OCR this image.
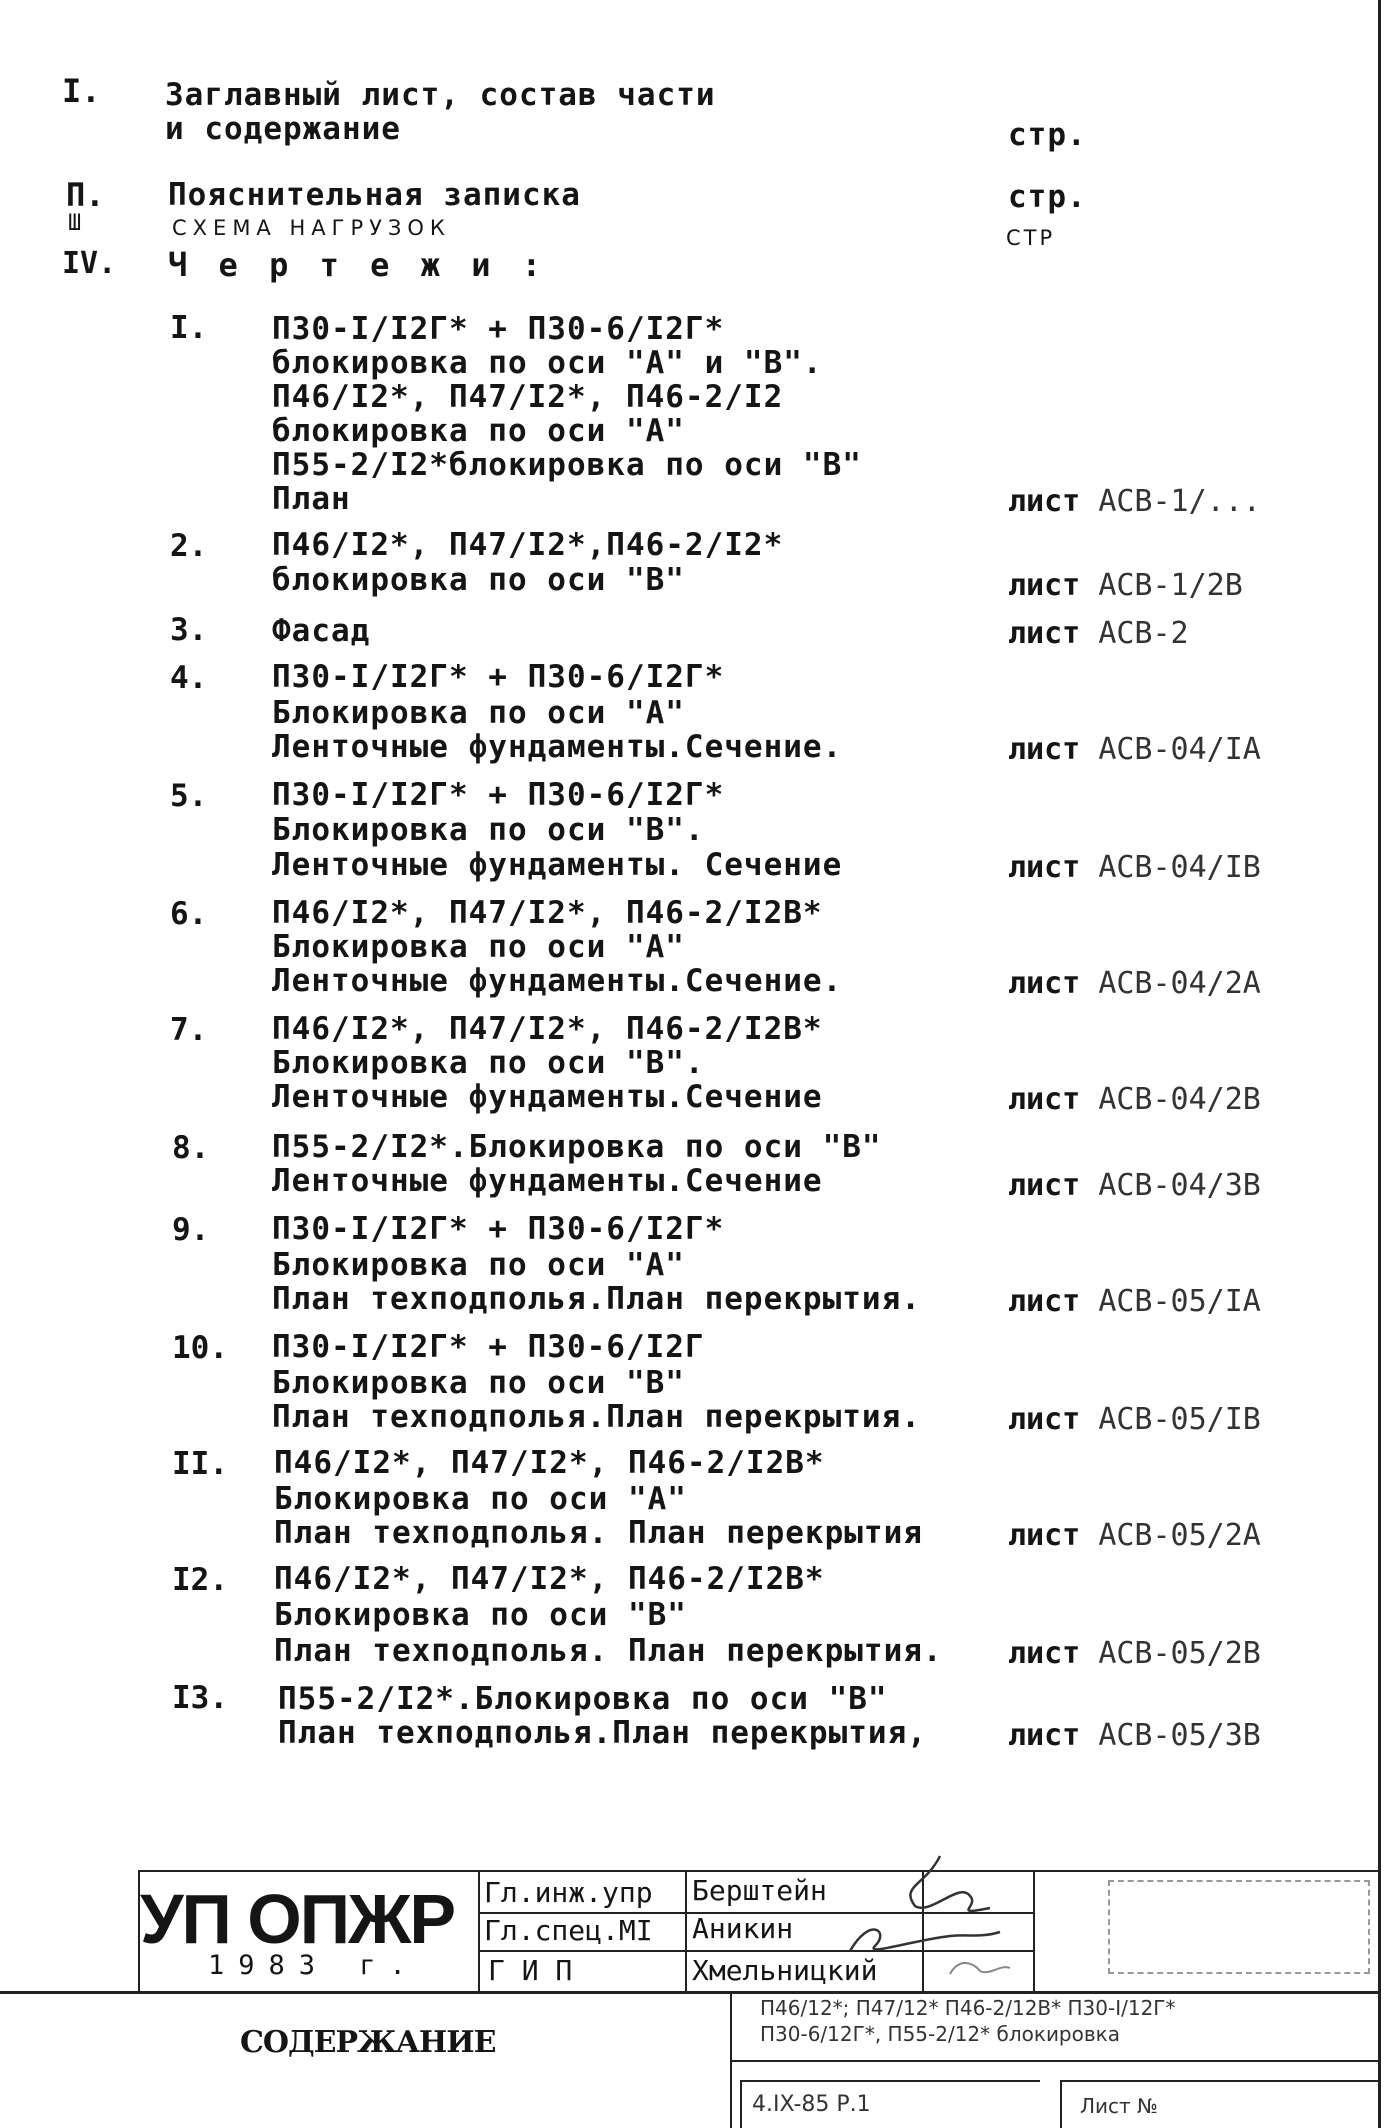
I. Заглавный лист, состав части
и содержание	стр.
П. Пояснительная записка	стр.
Ш	СХЕМА НАГРУЗОК	СТР
IV. Ч е р т е ж и :
I. П30-I/I2Г* + П30-6/I2Г*
блокировка по оси "А" и "В".
П46/I2*, П47/I2*, П46-2/I2
блокировка по оси "А"
П55-2/I2*блокировка по оси "В"
План	лист АСВ-1/...
2. П46/I2*, П47/I2*,П46-2/I2*
блокировка по оси "В"	лист АСВ-1/2В
3. Фасад	лист АСВ-2
4. П30-I/I2Г* + П30-6/I2Г*
Блокировка по оси "А"
Ленточные фундаменты.Сечение.	лист АСВ-04/IА
5. П30-I/I2Г* + П30-6/I2Г*
Блокировка по оси "В".
Ленточные фундаменты. Сечение	лист АСВ-04/IВ
6. П46/I2*, П47/I2*, П46-2/I2В*
Блокировка по оси "А"
Ленточные фундаменты.Сечение.	лист АСВ-04/2А
7. П46/I2*, П47/I2*, П46-2/I2В*
Блокировка по оси "В".
Ленточные фундаменты.Сечение	лист АСВ-04/2В
8. П55-2/I2*.Блокировка по оси "В"
Ленточные фундаменты.Сечение	лист АСВ-04/3В
9. П30-I/I2Г* + П30-6/I2Г*
Блокировка по оси "А"
План техподполья.План перекрытия.	лист АСВ-05/IА
10. П30-I/I2Г* + П30-6/I2Г
Блокировка по оси "В"
План техподполья.План перекрытия.	лист АСВ-05/IВ
II. П46/I2*, П47/I2*, П46-2/I2В*
Блокировка по оси "А"
План техподполья. План перекрытия	лист АСВ-05/2А
I2. П46/I2*, П47/I2*, П46-2/I2В*
Блокировка по оси "В"
План техподполья. План перекрытия. лист АСВ-05/2В
I3. П55-2/I2*.Блокировка по оси "В"
План техподполья.План перекрытия,	лист АСВ-05/3В
УП ОПЖР
1983 г.
Гл.инж.упр
Гл.спец.МI
Г И П
Берштейн
Аникин
Хмельницкий
СОДЕРЖАНИЕ
П46/12*; П47/12* П46-2/12В* П30-I/12Г*
П30-6/12Г*, П55-2/12* блокировка
4.IX-85 Р.1	Лист №
